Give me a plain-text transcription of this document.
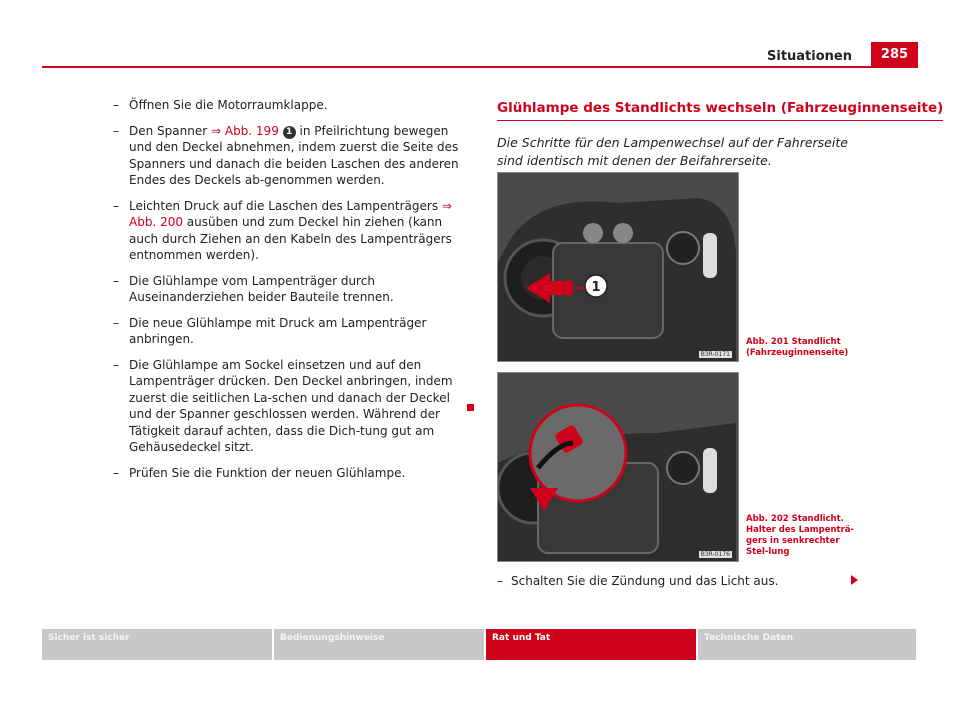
Situationen	285
– Öffnen Sie die Motorraumklappe.
– Den Spanner ⇒ Abb. 199 1 in Pfeilrichtung bewegen und den Deckel abnehmen, indem zuerst die Seite des Spanners und danach die beiden Laschen des anderen Endes des Deckels ab-genommen werden.
– Leichten Druck auf die Laschen des Lampenträgers ⇒ Abb. 200 ausüben und zum Deckel hin ziehen (kann auch durch Ziehen an den Kabeln des Lampenträgers entnommen werden).
– Die Glühlampe vom Lampenträger durch Auseinanderziehen beider Bauteile trennen.
– Die neue Glühlampe mit Druck am Lampenträger anbringen.
– Die Glühlampe am Sockel einsetzen und auf den Lampenträger drücken. Den Deckel anbringen, indem zuerst die seitlichen La-schen und danach der Deckel und der Spanner geschlossen werden. Während der Tätigkeit darauf achten, dass die Dich-tung gut am Gehäusedeckel sitzt.
– Prüfen Sie die Funktion der neuen Glühlampe.
Glühlampe des Standlichts wechseln (Fahrzeuginnenseite)
Die Schritte für den Lampenwechsel auf der Fahrerseite sind identisch mit denen der Beifahrerseite.
1
B3R-0171
Abb. 201 Standlicht (Fahrzeuginnenseite)
B3R-0176
Abb. 202 Standlicht. Halter des Lampenträ-gers in senkrechter Stel-lung
– Schalten Sie die Zündung und das Licht aus.
Sicher ist sicher	Bedienungshinweise	Rat und Tat	Technische Daten
